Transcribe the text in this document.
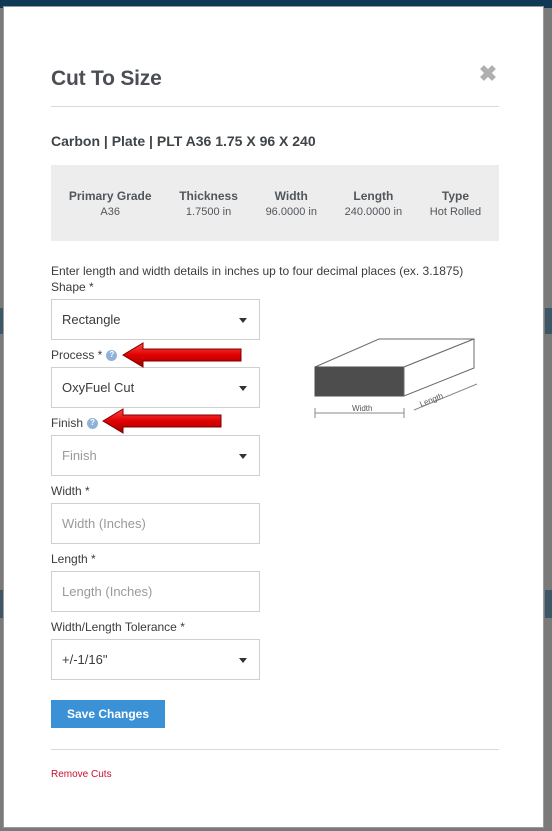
Cut To Size	✖
Carbon | Plate | PLT A36 1.75 X 96 X 240
Primary Grade
A36
Thickness
1.7500 in
Width
96.0000 in
Length
240.0000 in
Type
Hot Rolled
Enter length and width details in inches up to four decimal places (ex. 3.1875)
Shape *
Rectangle
Process * ?
OxyFuel Cut
Finish ?
Finish
Width *
Width (Inches)
Length *
Length (Inches)
Width/Length Tolerance *
+/-1/16"
Width	Length
Save Changes
Remove Cuts
